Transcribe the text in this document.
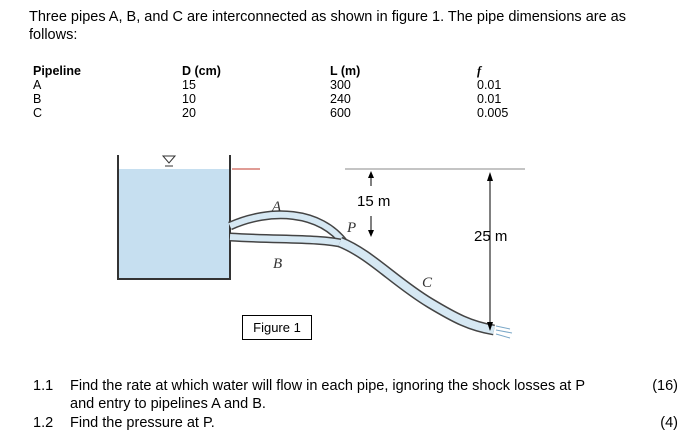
Three pipes A, B, and C are interconnected as shown in figure 1. The pipe dimensions are as follows:
Pipeline
A
B
C
D (cm)
15
10
20
L (m)
300
240
600
f
0.01
0.01
0.005
A
B
C
P
15 m
25 m
Figure 1
1.1 Find the rate at which water will flow in each pipe, ignoring the shock losses at P
and entry to pipelines A and B.
(16)
1.2 Find the pressure at P.	(4)
